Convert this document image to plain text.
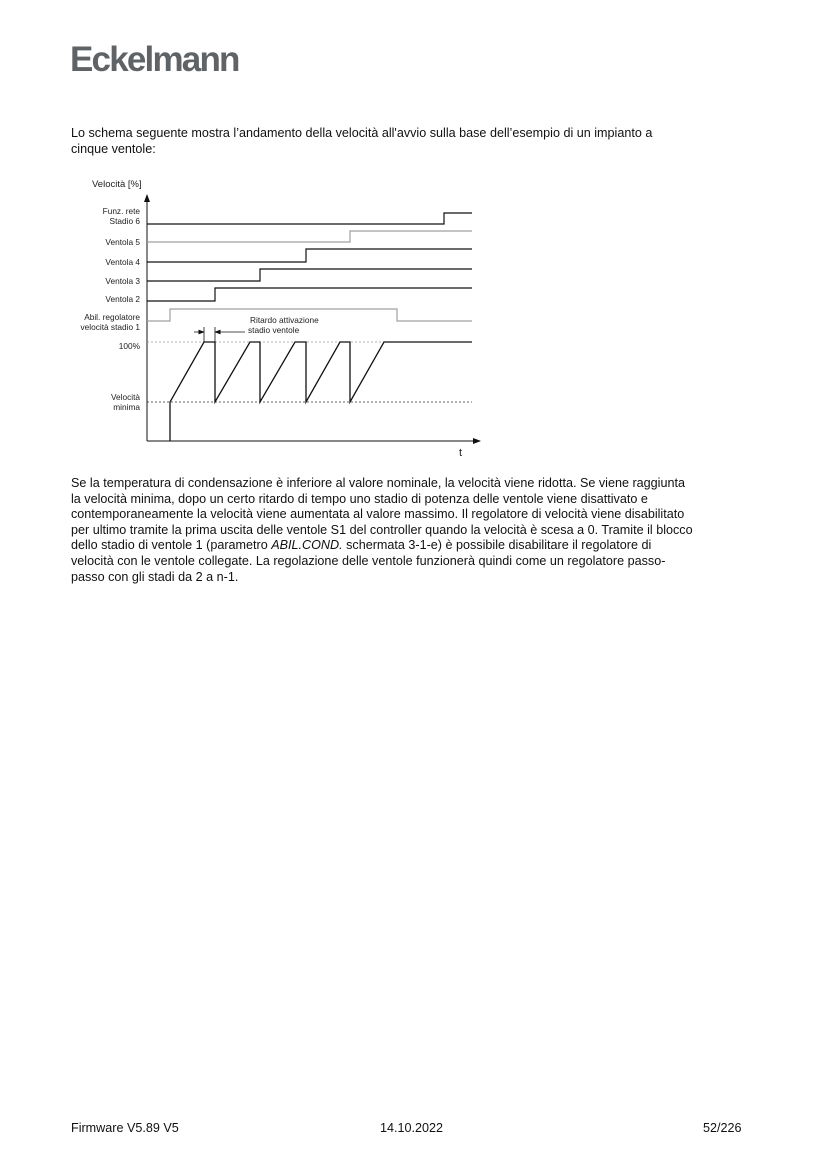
Eckelmann
Lo schema seguente mostra l’andamento della velocità all'avvio sulla base dell’esempio di un impianto a
cinque ventole:
Velocità [%]
t
Funz. rete
Stadio 6
Ventola 5
Ventola 4
Ventola 3
Ventola 2
Abil. regolatore
velocità stadio 1
100%
Velocità
minima
Ritardo attivazione
stadio ventole
Se la temperatura di condensazione è inferiore al valore nominale, la velocità viene ridotta. Se viene raggiunta
la velocità minima, dopo un certo ritardo di tempo uno stadio di potenza delle ventole viene disattivato e
contemporaneamente la velocità viene aumentata al valore massimo. Il regolatore di velocità viene disabilitato
per ultimo tramite la prima uscita delle ventole S1 del controller quando la velocità è scesa a 0. Tramite il blocco
dello stadio di ventole 1 (parametro ABIL.COND. schermata 3-1-e) è possibile disabilitare il regolatore di
velocità con le ventole collegate. La regolazione delle ventole funzionerà quindi come un regolatore passo-
passo con gli stadi da 2 a n-1.
Firmware V5.89 V5	14.10.2022	52/226
